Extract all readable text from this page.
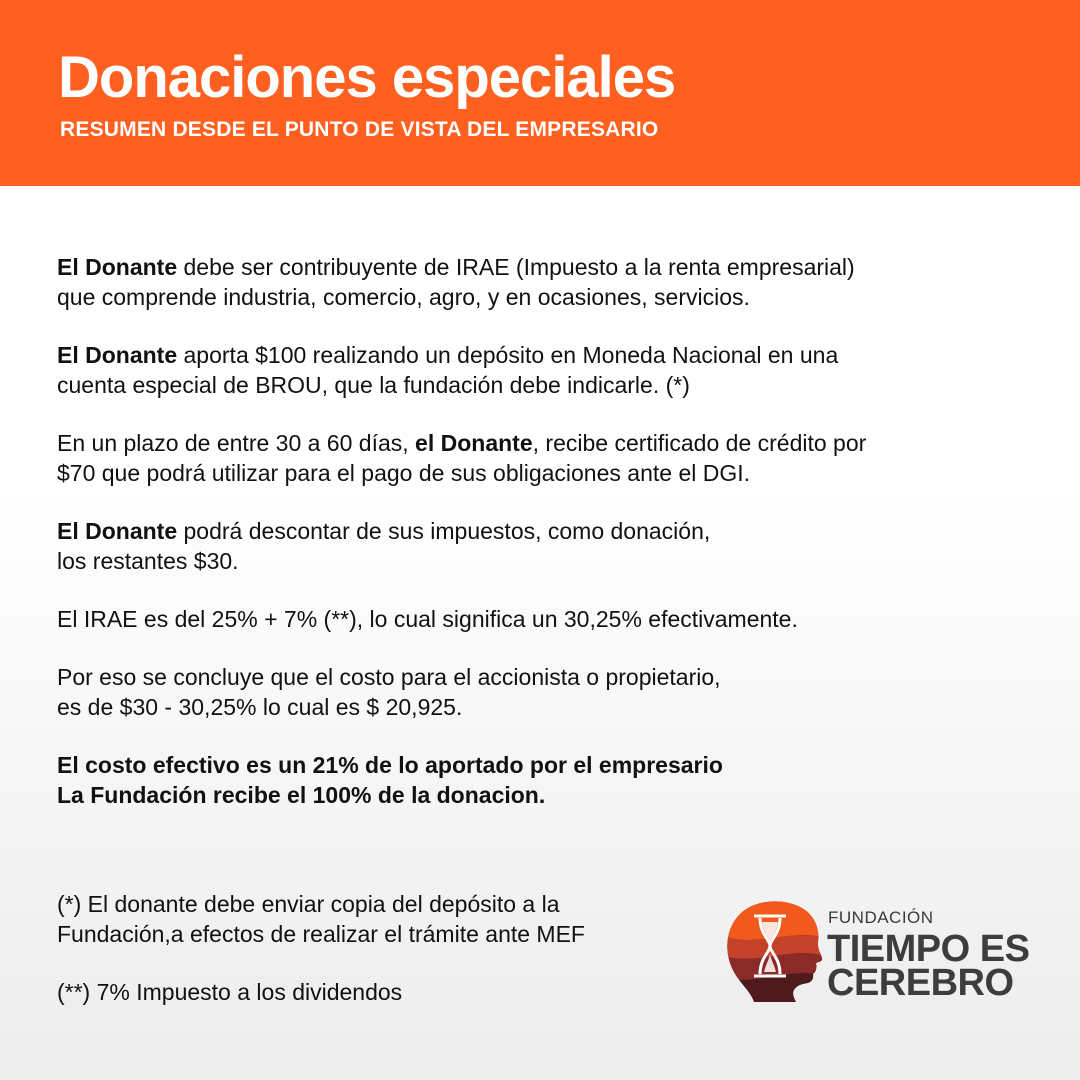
Donaciones especiales
RESUMEN DESDE EL PUNTO DE VISTA DEL EMPRESARIO

El Donante debe ser contribuyente de IRAE (Impuesto a la renta empresarial)
que comprende industria, comercio, agro, y en ocasiones, servicios.

El Donante aporta $100 realizando un depósito en Moneda Nacional en una
cuenta especial de BROU, que la fundación debe indicarle. (*)

En un plazo de entre 30 a 60 días, el Donante, recibe certificado de crédito por
$70 que podrá utilizar para el pago de sus obligaciones ante el DGI.

El Donante podrá descontar de sus impuestos, como donación,
los restantes $30.

El IRAE es del 25% + 7% (**), lo cual significa un 30,25% efectivamente.

Por eso se concluye que el costo para el accionista o propietario,
es de $30 - 30,25% lo cual es $ 20,925.

El costo efectivo es un 21% de lo aportado por el empresario
La Fundación recibe el 100% de la donacion.

(*) El donante debe enviar copia del depósito a la
Fundación,a efectos de realizar el trámite ante MEF
(**) 7% Impuesto a los dividendos
FUNDACIÓN
TIEMPO ES
CEREBRO
